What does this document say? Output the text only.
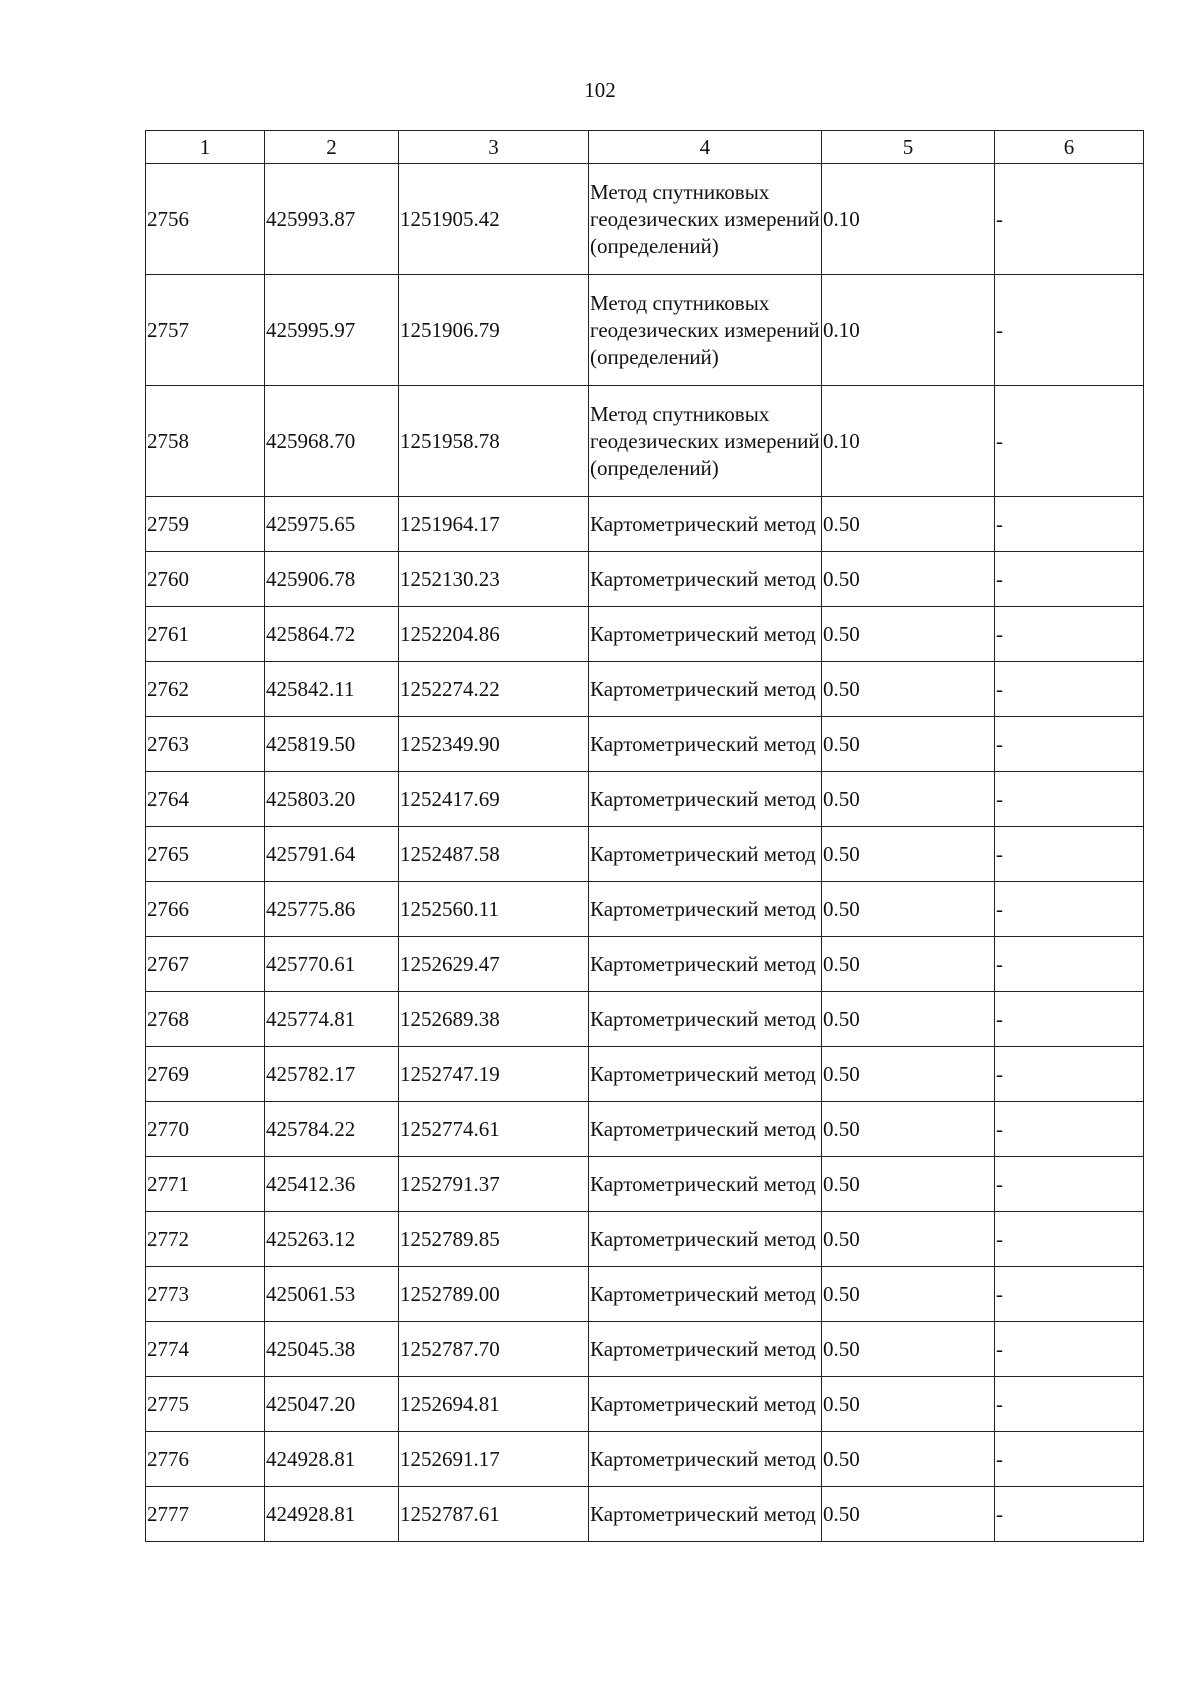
102
1	2	3	4	5	6
2756	425993.87	1251905.42	Метод спутниковых геодезических измерений (определений)	0.10	-
2757	425995.97	1251906.79	Метод спутниковых геодезических измерений (определений)	0.10	-
2758	425968.70	1251958.78	Метод спутниковых геодезических измерений (определений)	0.10	-
2759	425975.65	1251964.17	Картометрический метод	0.50	-
2760	425906.78	1252130.23	Картометрический метод	0.50	-
2761	425864.72	1252204.86	Картометрический метод	0.50	-
2762	425842.11	1252274.22	Картометрический метод	0.50	-
2763	425819.50	1252349.90	Картометрический метод	0.50	-
2764	425803.20	1252417.69	Картометрический метод	0.50	-
2765	425791.64	1252487.58	Картометрический метод	0.50	-
2766	425775.86	1252560.11	Картометрический метод	0.50	-
2767	425770.61	1252629.47	Картометрический метод	0.50	-
2768	425774.81	1252689.38	Картометрический метод	0.50	-
2769	425782.17	1252747.19	Картометрический метод	0.50	-
2770	425784.22	1252774.61	Картометрический метод	0.50	-
2771	425412.36	1252791.37	Картометрический метод	0.50	-
2772	425263.12	1252789.85	Картометрический метод	0.50	-
2773	425061.53	1252789.00	Картометрический метод	0.50	-
2774	425045.38	1252787.70	Картометрический метод	0.50	-
2775	425047.20	1252694.81	Картометрический метод	0.50	-
2776	424928.81	1252691.17	Картометрический метод	0.50	-
2777	424928.81	1252787.61	Картометрический метод	0.50	-
